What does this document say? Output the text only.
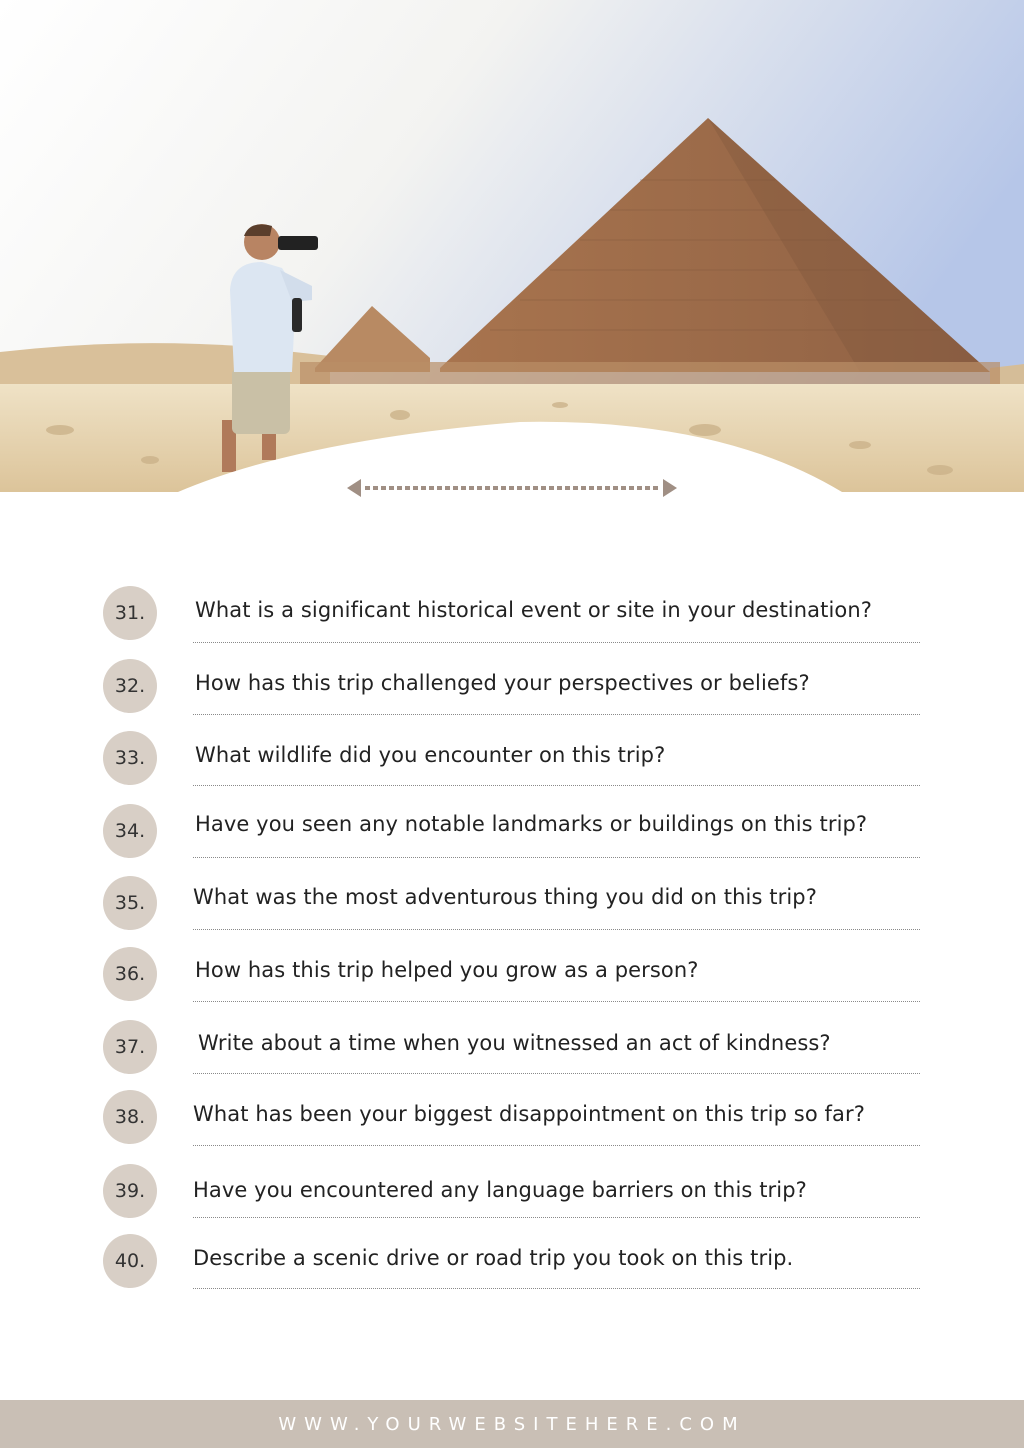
31.	What is a significant historical event or site in your destination?
32.	How has this trip challenged your perspectives or beliefs?
33.	What wildlife did you encounter on this trip?
34.	Have you seen any notable landmarks or buildings on this trip?
35.	What was the most adventurous thing you did on this trip?
36.	How has this trip helped you grow as a person?
37.	Write about a time when you witnessed an act of kindness?
38.	What has been your biggest disappointment on this trip so far?
39.	Have you encountered any language barriers on this trip?
40.	Describe a scenic drive or road trip you took on this trip.
WWW.YOURWEBSITEHERE.COM
